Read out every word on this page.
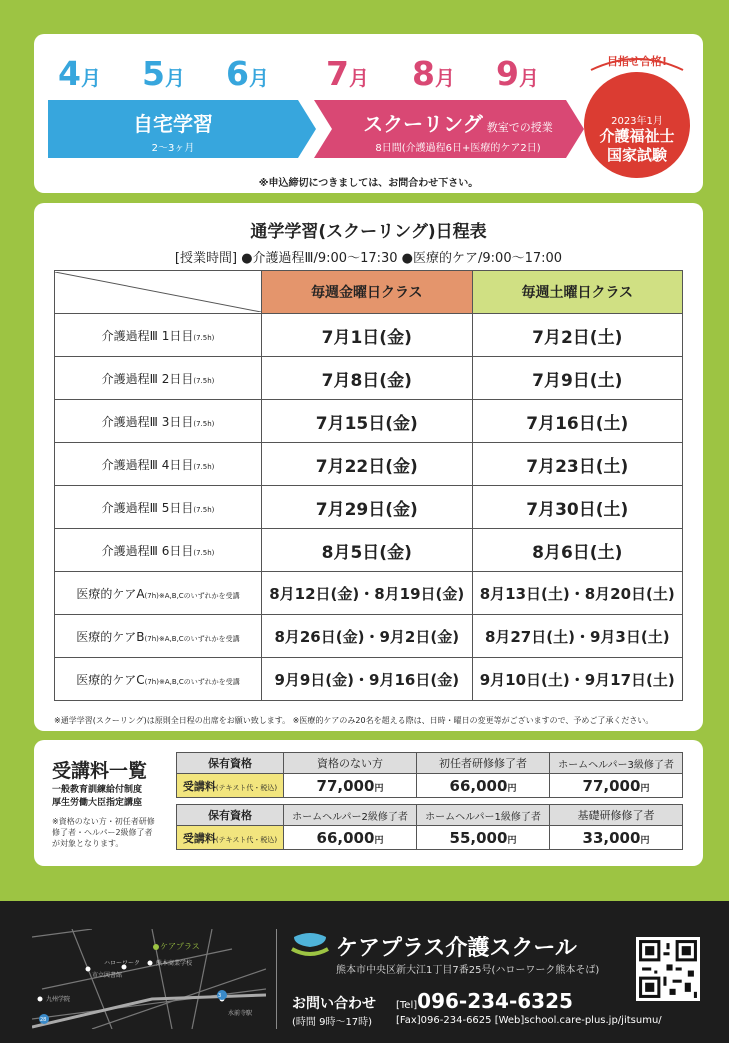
4月 5月 6月 7月 8月 9月
自宅学習
2〜3ヶ月
スクーリング 教室での授業
8日間(介護過程6日+医療的ケア2日)
目指せ合格!
2023年1月
介護福祉士
国家試験
※申込締切につきましては、お問合わせ下さい。
通学学習(スクーリング)日程表
[授業時間] ●介護過程Ⅲ/9:00〜17:30 ●医療的ケア/9:00〜17:00
	毎週金曜日クラス	毎週土曜日クラス
介護過程Ⅲ 1日目(7.5h)	7月1日(金)	7月2日(土)
介護過程Ⅲ 2日目(7.5h)	7月8日(金)	7月9日(土)
介護過程Ⅲ 3日目(7.5h)	7月15日(金)	7月16日(土)
介護過程Ⅲ 4日目(7.5h)	7月22日(金)	7月23日(土)
介護過程Ⅲ 5日目(7.5h)	7月29日(金)	7月30日(土)
介護過程Ⅲ 6日目(7.5h)	8月5日(金)	8月6日(土)
医療的ケアA(7h)※A,B,Cのいずれかを受講	8月12日(金)・8月19日(金)	8月13日(土)・8月20日(土)
医療的ケアB(7h)※A,B,Cのいずれかを受講	8月26日(金)・9月2日(金)	8月27日(土)・9月3日(土)
医療的ケアC(7h)※A,B,Cのいずれかを受講	9月9日(金)・9月16日(金)	9月10日(土)・9月17日(土)
※通学学習(スクーリング)は原則全日程の出席をお願い致します。 ※医療的ケアのみ20名を超える際は、日時・曜日の変更等がございますので、予めご了承ください。
受講料一覧
一般教育訓練給付制度
厚生労働大臣指定講座
※資格のない方・初任者研修
修了者・ヘルパー2級修了者
が対象となります。
保有資格	資格のない方	初任者研修修了者	ホームヘルパー3級修了者
受講料(テキスト代・税込)	77,000円	66,000円	77,000円
保有資格	ホームヘルパー2級修了者	ホームヘルパー1級修了者	基礎研修修了者
受講料(テキスト代・税込)	66,000円	55,000円	33,000円
ケアプラス
ハローワーク
市立図書館
熊本商業学校
九州学院
水前寺駅
3
28
ケアプラス介護スクール
熊本市中央区新大江1丁目7番25号(ハローワーク熊本そば)
お問い合わせ
(時間 9時〜17時)
[Tel]096-234-6325
[Fax]096-234-6625 [Web]school.care-plus.jp/jitsumu/
